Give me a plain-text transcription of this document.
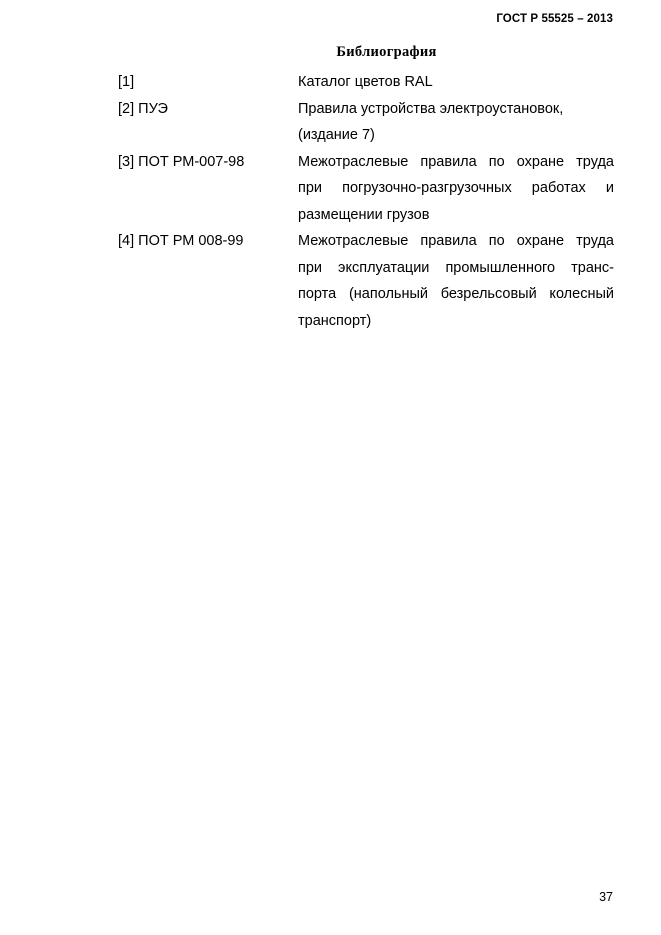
ГОСТ Р 55525 – 2013
Библиография
[1]	Каталог цветов RAL
[2] ПУЭ	Правила устройства электроустановок,
(издание 7)
[3] ПОТ РМ-007-98	Межотраслевые правила по охране труда
при погрузочно-разгрузочных работах и
размещении грузов
[4] ПОТ РМ 008-99	Межотраслевые правила по охране труда
при эксплуатации промышленного транс-
порта (напольный безрельсовый колесный
транспорт)
37
